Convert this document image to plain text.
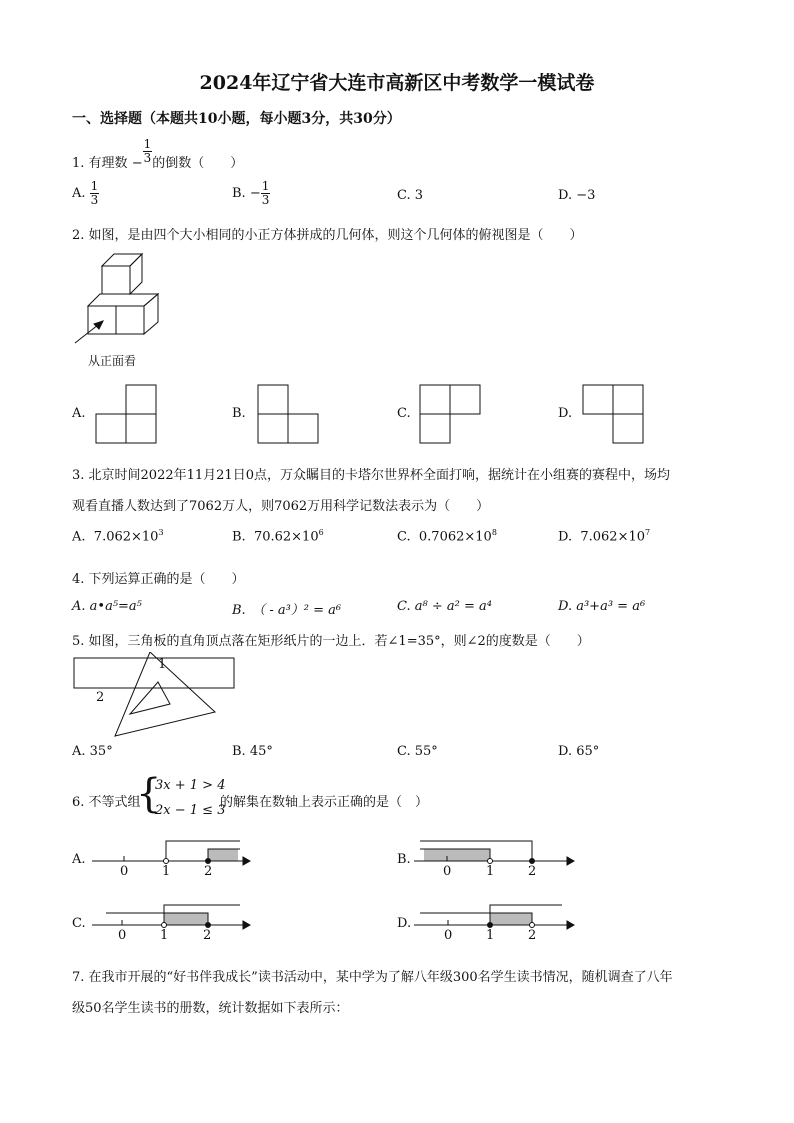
2024年辽宁省大连市高新区中考数学一模试卷
一、选择题（本题共10小题，每小题3分，共30分）
1. 有理数 − $\frac{1}{3}$ 的倒数（　　）
A. $\frac{1}{3}$	B. − $\frac{1}{3}$	C. 3	D. −3
2. 如图，是由四个大小相同的小正方体拼成的几何体，则这个几何体的俯视图是（　　）
从正面看
A.	B.	C.	D.
3. 北京时间2022年11月21日0点，万众瞩目的卡塔尔世界杯全面打响，据统计在小组赛的赛程中，场均
观看直播人数达到了7062万人，则7062万用科学记数法表示为（　　）
A. $7.062\times 10^3$	B. $70.62\times 10^6$	C. $0.7062\times 10^8$	D. $7.062\times 10^7$
4. 下列运算正确的是（　　）
A. a•a⁵=a⁵	B.　（ - a³）² = a⁶	C. a⁸ ÷ a² = a⁴	D. a³+a³ = a⁶
5. 如图，三角板的直角顶点落在矩形纸片的一边上．若∠1=35°，则∠2的度数是（　　）
1
2
A. 35°	B. 45°	C. 55°	D. 65°
6. 不等式组
{
3x + 1 > 4
2x − 1 ≤ 3
的解集在数轴上表示正确的是（　）
A.
0	1	2
B.
0	1	2
C.
0	1	2
D.
0	1	2
7. 在我市开展的“好书伴我成长”读书活动中，某中学为了解八年级300名学生读书情况，随机调查了八年
级50名学生读书的册数，统计数据如下表所示：
